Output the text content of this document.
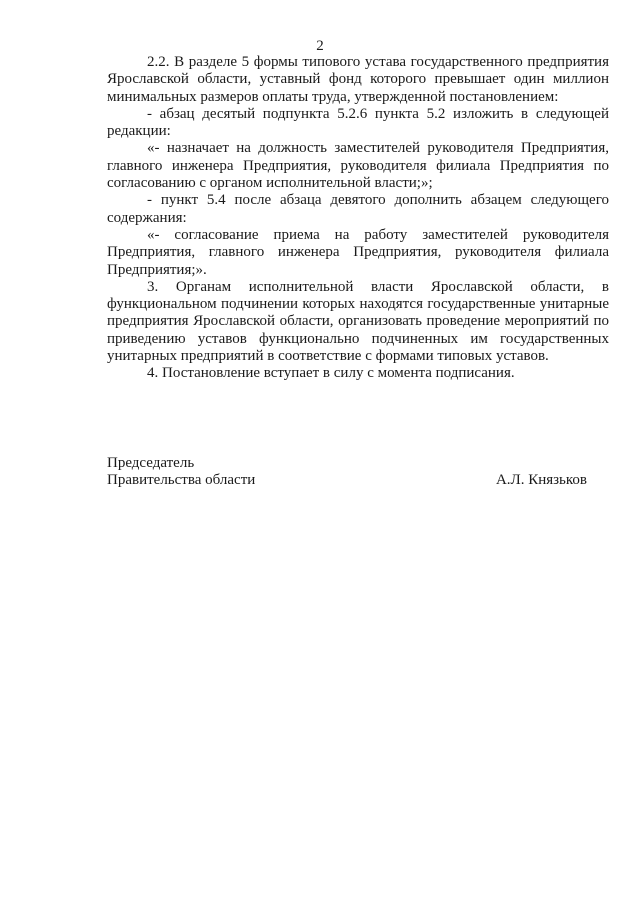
2

2.2. В разделе 5 формы типового устава государственного предприятия Ярославской области, уставный фонд которого превышает один миллион минимальных размеров оплаты труда, утвержденной постановлением:

- абзац десятый подпункта 5.2.6 пункта 5.2 изложить в следующей редакции:

«- назначает на должность заместителей руководителя Предприятия, главного инженера Предприятия, руководителя филиала Предприятия по согласованию с органом исполнительной власти;»;

- пункт 5.4 после абзаца девятого дополнить абзацем следующего содержания:

«- согласование приема на работу заместителей руководителя Предприятия, главного инженера Предприятия, руководителя филиала Предприятия;».

3. Органам исполнительной власти Ярославской области, в функциональном подчинении которых находятся государственные унитарные предприятия Ярославской области, организовать проведение мероприятий по приведению уставов функционально подчиненных им государственных унитарных предприятий в соответствие с формами типовых уставов.

4. Постановление вступает в силу с момента подписания.

Председатель
Правительства области	А.Л. Князьков
